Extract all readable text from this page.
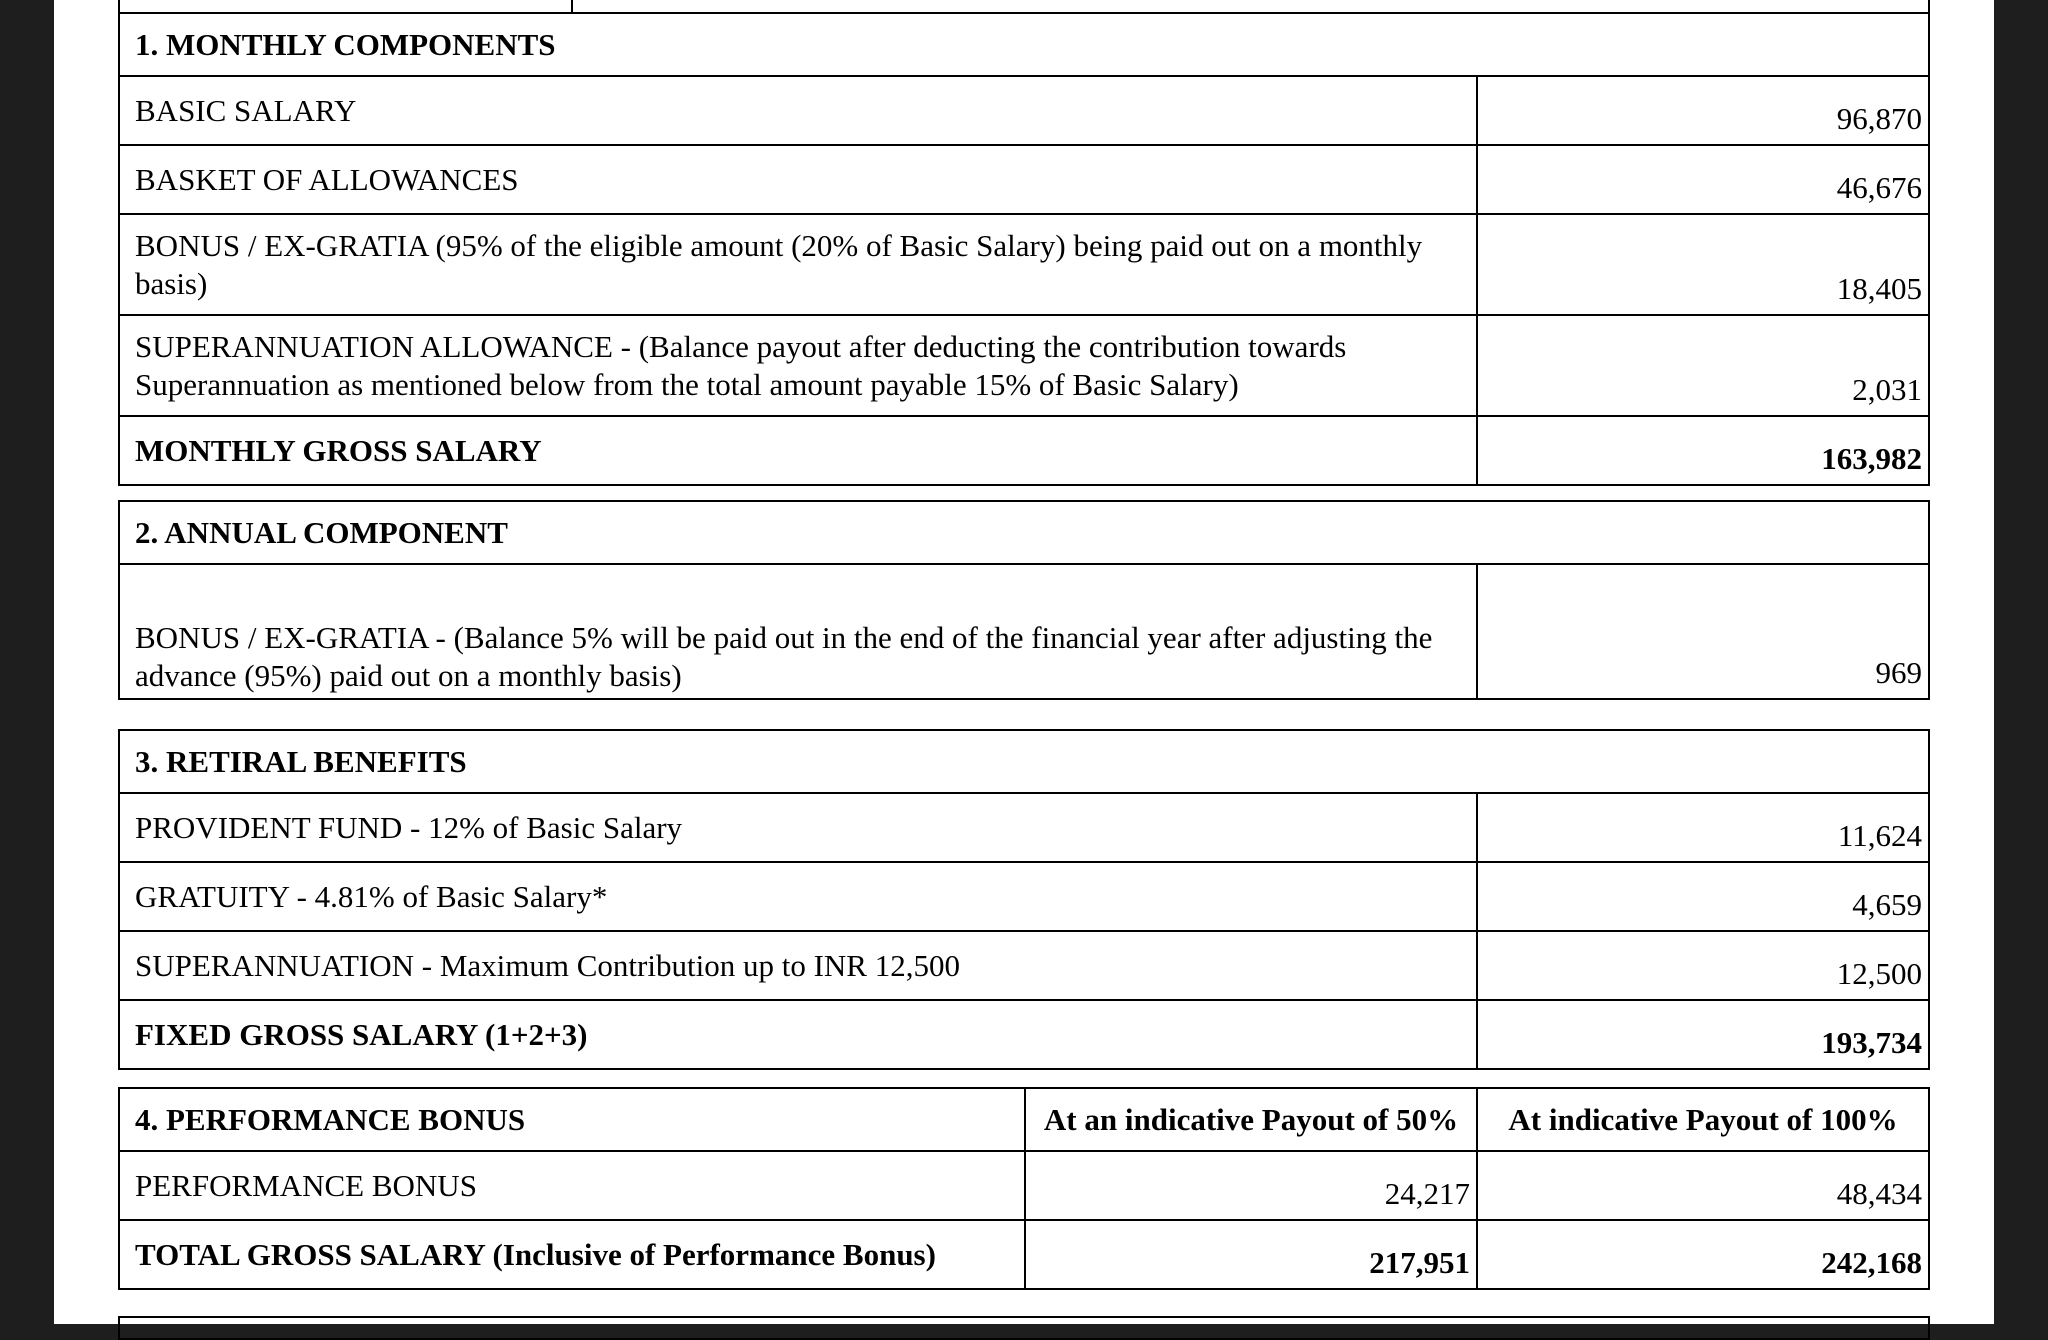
1. MONTHLY COMPONENTS	
BASIC SALARY	96,870
BASKET OF ALLOWANCES	46,676
BONUS / EX-GRATIA (95% of the eligible amount (20% of Basic Salary) being paid out on a monthly basis)	18,405
SUPERANNUATION ALLOWANCE - (Balance payout after deducting the contribution towards Superannuation as mentioned below from the total amount payable 15% of Basic Salary)	2,031
MONTHLY GROSS SALARY	163,982
2. ANNUAL COMPONENT
BONUS / EX-GRATIA - (Balance 5% will be paid out in the end of the financial year after adjusting the advance (95%) paid out on a monthly basis)	969
3. RETIRAL BENEFITS	
PROVIDENT FUND - 12% of Basic Salary	11,624
GRATUITY - 4.81% of Basic Salary*	4,659
SUPERANNUATION - Maximum Contribution up to INR 12,500	12,500
FIXED GROSS SALARY (1+2+3)	193,734
4. PERFORMANCE BONUS	At an indicative Payout of 50%	At indicative Payout of 100%
PERFORMANCE BONUS	24,217	48,434
TOTAL GROSS SALARY (Inclusive of Performance Bonus)	217,951	242,168
